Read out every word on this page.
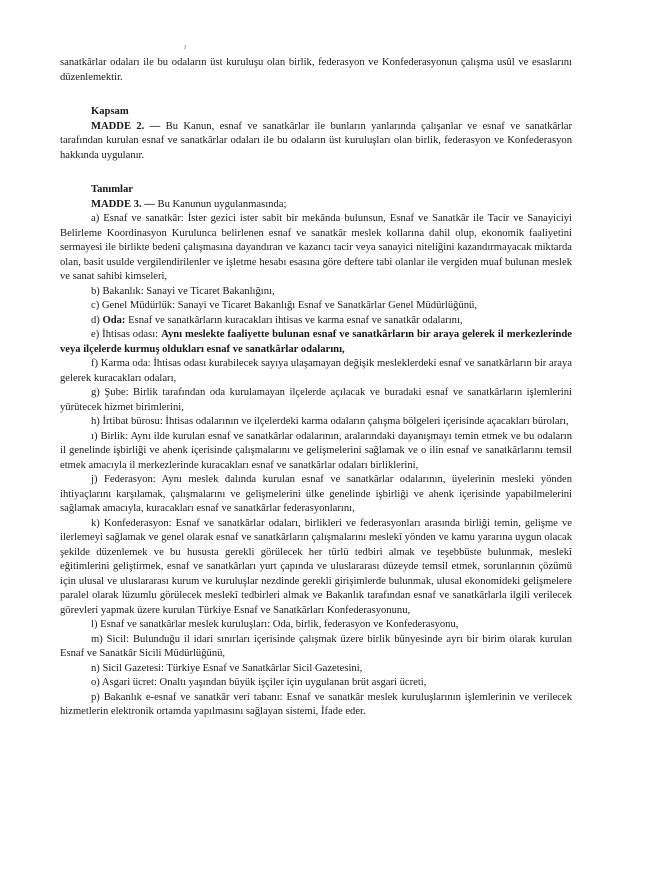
ˀ

sanatkârlar odaları ile bu odaların üst kuruluşu olan birlik, federasyon ve Konfederasyonun çalışma usûl ve esaslarını düzenlemektir.

Kapsam

MADDE 2. — Bu Kanun, esnaf ve sanatkârlar ile bunların yanlarında çalışanlar ve esnaf ve sanatkârlar tarafından kurulan esnaf ve sanatkârlar odaları ile bu odaların üst kuruluşları olan birlik, federasyon ve Konfederasyon hakkında uygulanır.

Tanımlar

MADDE 3. — Bu Kanunun uygulanmasında;

a) Esnaf ve sanatkâr: İster gezici ister sabit bir mekânda bulunsun, Esnaf ve Sanatkâr ile Tacir ve Sanayiciyi Belirleme Koordinasyon Kurulunca belirlenen esnaf ve sanatkâr meslek kollarına dahil olup, ekonomik faaliyetini sermayesi ile birlikte bedenî çalışmasına dayandıran ve kazancı tacir veya sanayici niteliğini kazandırmayacak miktarda olan, basit usulde vergilendirilenler ve işletme hesabı esasına göre deftere tabi olanlar ile vergiden muaf bulunan meslek ve sanat sahibi kimseleri,

b) Bakanlık: Sanayi ve Ticaret Bakanlığını,

c) Genel Müdürlük: Sanayi ve Ticaret Bakanlığı Esnaf ve Sanatkârlar Genel Müdürlüğünü,

d) Oda: Esnaf ve sanatkârların kuracakları ihtisas ve karma esnaf ve sanatkâr odalarını,

e) İhtisas odası: Aynı meslekte faaliyette bulunan esnaf ve sanatkârların bir araya gelerek il merkezlerinde veya ilçelerde kurmuş oldukları esnaf ve sanatkârlar odalarını,

f) Karma oda: İhtisas odası kurabilecek sayıya ulaşamayan değişik mesleklerdeki esnaf ve sanatkârların bir araya gelerek kuracakları odaları,

g) Şube: Birlik tarafından oda kurulamayan ilçelerde açılacak ve buradaki esnaf ve sanatkârların işlemlerini yürütecek hizmet birimlerini,

h) İrtibat bürosu: İhtisas odalarının ve ilçelerdeki karma odaların çalışma bölgeleri içerisinde açacakları büroları,

ı) Birlik: Aynı ilde kurulan esnaf ve sanatkârlar odalarının, aralarındaki dayanışmayı temin etmek ve bu odaların il genelinde işbirliği ve ahenk içerisinde çalışmalarını ve gelişmelerini sağlamak ve o ilin esnaf ve sanatkârlarını temsil etmek amacıyla il merkezlerinde kuracakları esnaf ve sanatkârlar odaları birliklerini,

j) Federasyon: Aynı meslek dalında kurulan esnaf ve sanatkârlar odalarının, üyelerinin mesleki yönden ihtiyaçlarını karşılamak, çalışmalarını ve gelişmelerini ülke genelinde işbirliği ve ahenk içerisinde yapabilmelerini sağlamak amacıyla, kuracakları esnaf ve sanatkârlar federasyonlarını,

k) Konfederasyon: Esnaf ve sanatkârlar odaları, birlikleri ve federasyonları arasında birliği temin, gelişme ve ilerlemeyi sağlamak ve genel olarak esnaf ve sanatkârların çalışmalarını meslekî yönden ve kamu yararına uygun olacak şekilde düzenlemek ve bu hususta gerekli görülecek her türlü tedbiri almak ve teşebbüste bulunmak, meslekî eğitimlerini geliştirmek, esnaf ve sanatkârları yurt çapında ve uluslararası düzeyde temsil etmek, sorunlarının çözümü için ulusal ve uluslararası kurum ve kuruluşlar nezdinde gerekli girişimlerde bulunmak, ulusal ekonomideki gelişmelere paralel olarak lüzumlu görülecek meslekî tedbirleri almak ve Bakanlık tarafından esnaf ve sanatkârlarla ilgili verilecek görevleri yapmak üzere kurulan Türkiye Esnaf ve Sanatkârları Konfederasyonunu,

l) Esnaf ve sanatkârlar meslek kuruluşları: Oda, birlik, federasyon ve Konfederasyonu,

m) Sicil: Bulunduğu il idari sınırları içerisinde çalışmak üzere birlik bünyesinde ayrı bir birim olarak kurulan Esnaf ve Sanatkâr Sicili Müdürlüğünü,

n) Sicil Gazetesi: Türkiye Esnaf ve Sanatkârlar Sicil Gazetesini,

o) Asgari ücret: Onaltı yaşından büyük işçiler için uygulanan brüt asgari ücreti,

p) Bakanlık e-esnaf ve sanatkâr veri tabanı: Esnaf ve sanatkâr meslek kuruluşlarının işlemlerinin ve verilecek hizmetlerin elektronik ortamda yapılmasını sağlayan sistemi, İfade eder.
